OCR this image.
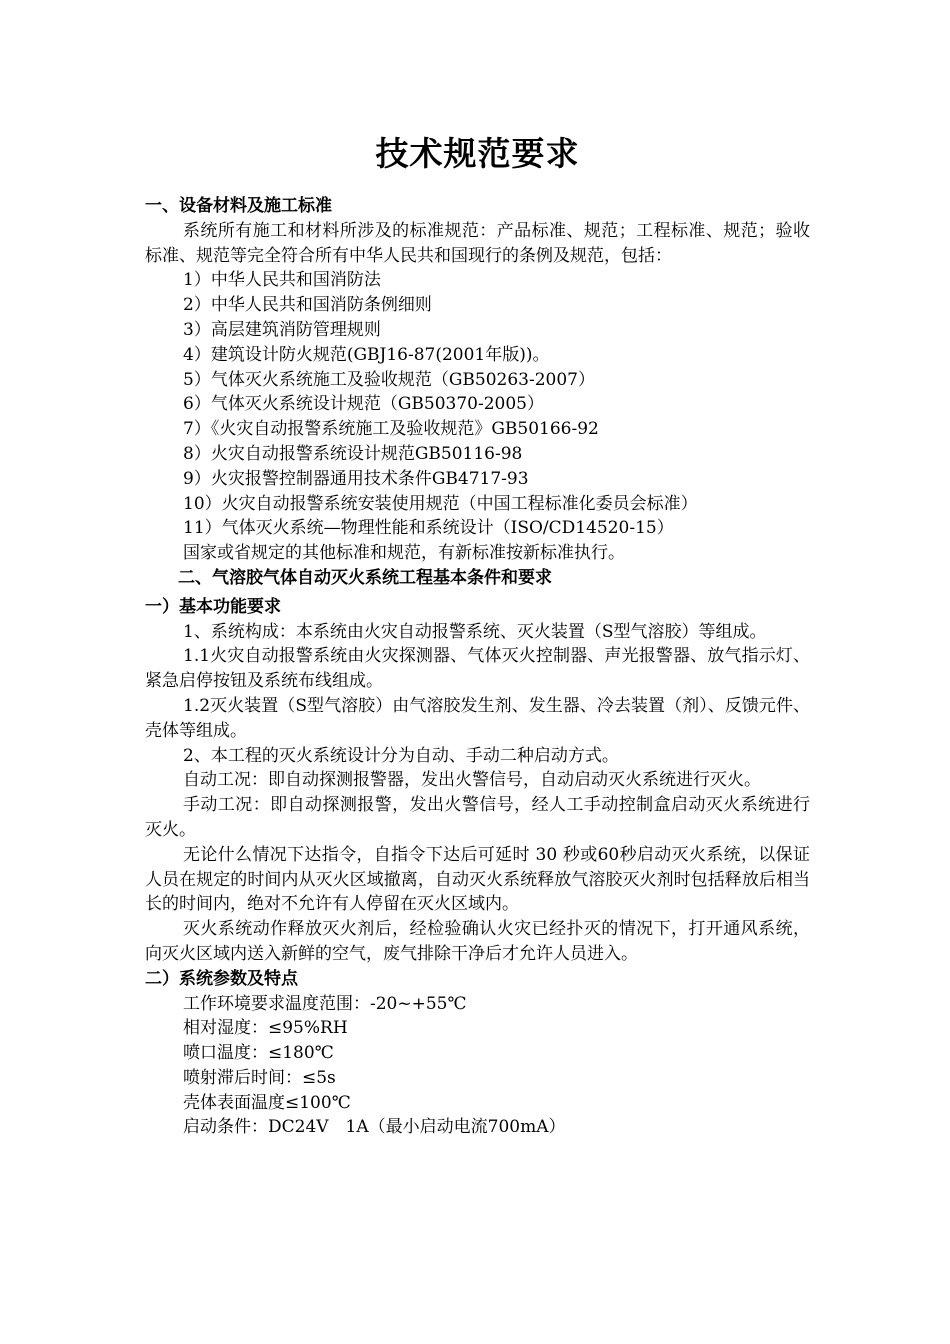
技术规范要求
一、设备材料及施工标准
系统所有施工和材料所涉及的标准规范：产品标准、规范；工程标准、规范；验收标准、规范等完全符合所有中华人民共和国现行的条例及规范，包括：
1）中华人民共和国消防法
2）中华人民共和国消防条例细则
3）高层建筑消防管理规则
4）建筑设计防火规范(GBJ16-87(2001年版))。
5）气体灭火系统施工及验收规范（GB50263-2007）
6）气体灭火系统设计规范（GB50370-2005）
7）《火灾自动报警系统施工及验收规范》GB50166-92
8）火灾自动报警系统设计规范GB50116-98
9）火灾报警控制器通用技术条件GB4717-93
10）火灾自动报警系统安装使用规范（中国工程标准化委员会标准）
11）气体灭火系统—物理性能和系统设计（ISO/CD14520-15）
国家或省规定的其他标准和规范，有新标准按新标准执行。
二、气溶胶气体自动灭火系统工程基本条件和要求
一）基本功能要求
1、系统构成：本系统由火灾自动报警系统、灭火装置（S型气溶胶）等组成。
1.1火灾自动报警系统由火灾探测器、气体灭火控制器、声光报警器、放气指示灯、紧急启停按钮及系统布线组成。
1.2灭火装置（S型气溶胶）由气溶胶发生剂、发生器、冷去装置（剂）、反馈元件、壳体等组成。
2、本工程的灭火系统设计分为自动、手动二种启动方式。
自动工况：即自动探测报警器，发出火警信号，自动启动灭火系统进行灭火。
手动工况：即自动探测报警，发出火警信号，经人工手动控制盒启动灭火系统进行灭火。
无论什么情况下达指令，自指令下达后可延时 30 秒或60秒启动灭火系统，以保证人员在规定的时间内从灭火区域撤离，自动灭火系统释放气溶胶灭火剂时包括释放后相当长的时间内，绝对不允许有人停留在灭火区域内。
灭火系统动作释放灭火剂后，经检验确认火灾已经扑灭的情况下，打开通风系统，向灭火区域内送入新鲜的空气，废气排除干净后才允许人员进入。
二）系统参数及特点
工作环境要求温度范围：-20~+55℃
相对湿度：≤95%RH
喷口温度：≤180℃
喷射滞后时间：≤5s
壳体表面温度≤100℃
启动条件：DC24V　1A（最小启动电流700mA）
